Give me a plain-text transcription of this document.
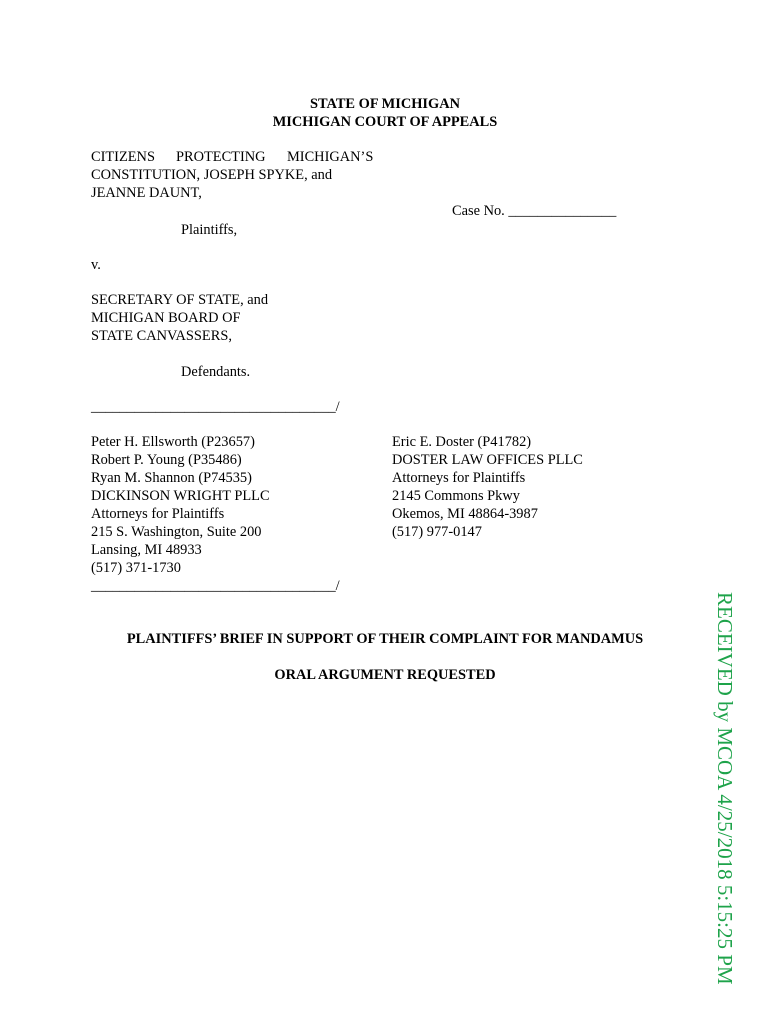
STATE OF MICHIGAN
MICHIGAN COURT OF APPEALS
CITIZENS PROTECTING MICHIGAN’S
CONSTITUTION, JOSEPH SPYKE, and
JEANNE DAUNT,
Case No. _______________
Plaintiffs,
v.
SECRETARY OF STATE, and
MICHIGAN BOARD OF
STATE CANVASSERS,
Defendants.
__________________________________/
Peter H. Ellsworth (P23657)
Robert P. Young (P35486)
Ryan M. Shannon (P74535)
DICKINSON WRIGHT PLLC
Attorneys for Plaintiffs
215 S. Washington, Suite 200
Lansing, MI 48933
(517) 371-1730
Eric E. Doster (P41782)
DOSTER LAW OFFICES PLLC
Attorneys for Plaintiffs
2145 Commons Pkwy
Okemos, MI 48864-3987
(517) 977-0147
__________________________________/
PLAINTIFFS’ BRIEF IN SUPPORT OF THEIR COMPLAINT FOR MANDAMUS
ORAL ARGUMENT REQUESTED	RECEIVED by MCOA 4/25/2018 5:15:25 PM
